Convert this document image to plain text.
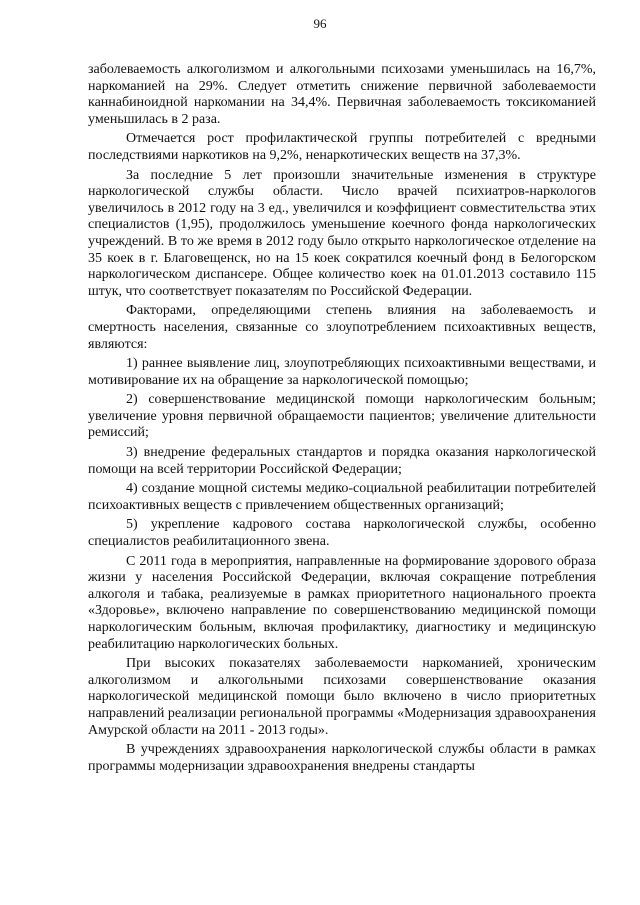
96

заболеваемость алкоголизмом и алкогольными психозами уменьшилась на 16,7%, наркоманией на 29%. Следует отметить снижение первичной заболеваемости каннабиноидной наркомании на 34,4%. Первичная заболеваемость токсикоманией уменьшилась в 2 раза.

Отмечается рост профилактической группы потребителей с вредными последствиями наркотиков на 9,2%, ненаркотических веществ на 37,3%.

За последние 5 лет произошли значительные изменения в структуре наркологической службы области. Число врачей психиатров-наркологов увеличилось в 2012 году на 3 ед., увеличился и коэффициент совместительства этих специалистов (1,95), продолжилось уменьшение коечного фонда наркологических учреждений. В то же время в 2012 году было открыто наркологическое отделение на 35 коек в г. Благовещенск, но на 15 коек сократился коечный фонд в Белогорском наркологическом диспансере. Общее количество коек на 01.01.2013 составило 115 штук, что соответствует показателям по Российской Федерации.

Факторами, определяющими степень влияния на заболеваемость и смертность населения, связанные со злоупотреблением психоактивных веществ, являются:

1) раннее выявление лиц, злоупотребляющих психоактивными веществами, и мотивирование их на обращение за наркологической помощью;

2) совершенствование медицинской помощи наркологическим больным; увеличение уровня первичной обращаемости пациентов; увеличение длительности ремиссий;

3) внедрение федеральных стандартов и порядка оказания наркологической помощи на всей территории Российской Федерации;

4) создание мощной системы медико-социальной реабилитации потребителей психоактивных веществ с привлечением общественных организаций;

5) укрепление кадрового состава наркологической службы, особенно специалистов реабилитационного звена.

С 2011 года в мероприятия, направленные на формирование здорового образа жизни у населения Российской Федерации, включая сокращение потребления алкоголя и табака, реализуемые в рамках приоритетного национального проекта «Здоровье», включено направление по совершенствованию медицинской помощи наркологическим больным, включая профилактику, диагностику и медицинскую реабилитацию наркологических больных.

При высоких показателях заболеваемости наркоманией, хроническим алкоголизмом и алкогольными психозами совершенствование оказания наркологической медицинской помощи было включено в число приоритетных направлений реализации региональной программы «Модернизация здравоохранения Амурской области на 2011 - 2013 годы».

В учреждениях здравоохранения наркологической службы области в рамках программы модернизации здравоохранения внедрены стандарты
